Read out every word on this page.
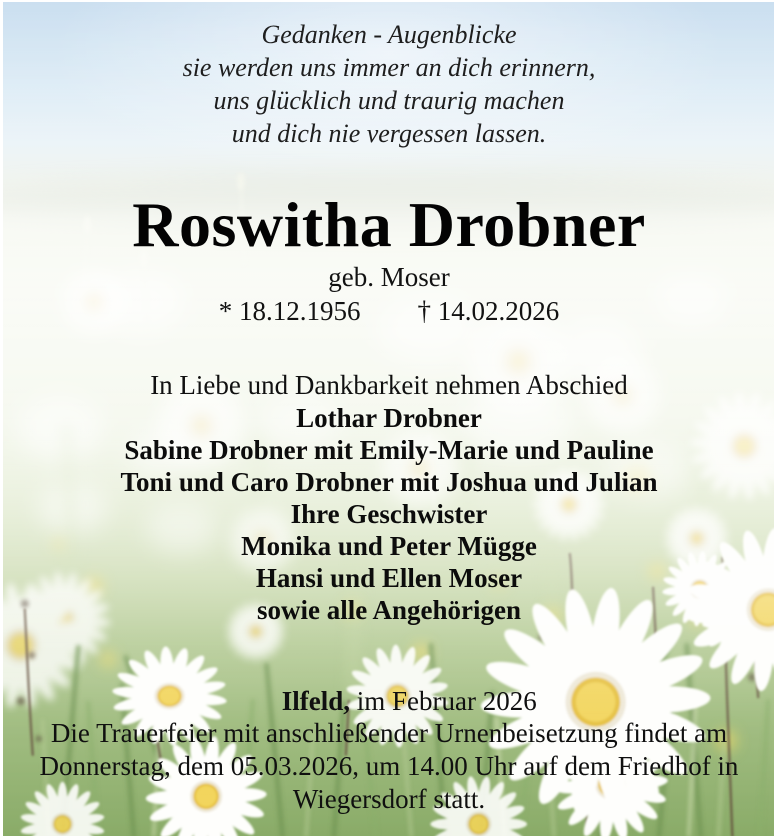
Gedanken - Augenblicke
sie werden uns immer an dich erinnern,
uns glücklich und traurig machen
und dich nie vergessen lassen.
Roswitha Drobner
geb. Moser
* 18.12.1956 † 14.02.2026
In Liebe und Dankbarkeit nehmen Abschied
Lothar Drobner
Sabine Drobner mit Emily-Marie und Pauline
Toni und Caro Drobner mit Joshua und Julian
Ihre Geschwister
Monika und Peter Mügge
Hansi und Ellen Moser
sowie alle Angehörigen

Ilfeld, im Februar 2026

Die Trauerfeier mit anschließender Urnenbeisetzung findet am
Donnerstag, dem 05.03.2026, um 14.00 Uhr auf dem Friedhof in
Wiegersdorf statt.
